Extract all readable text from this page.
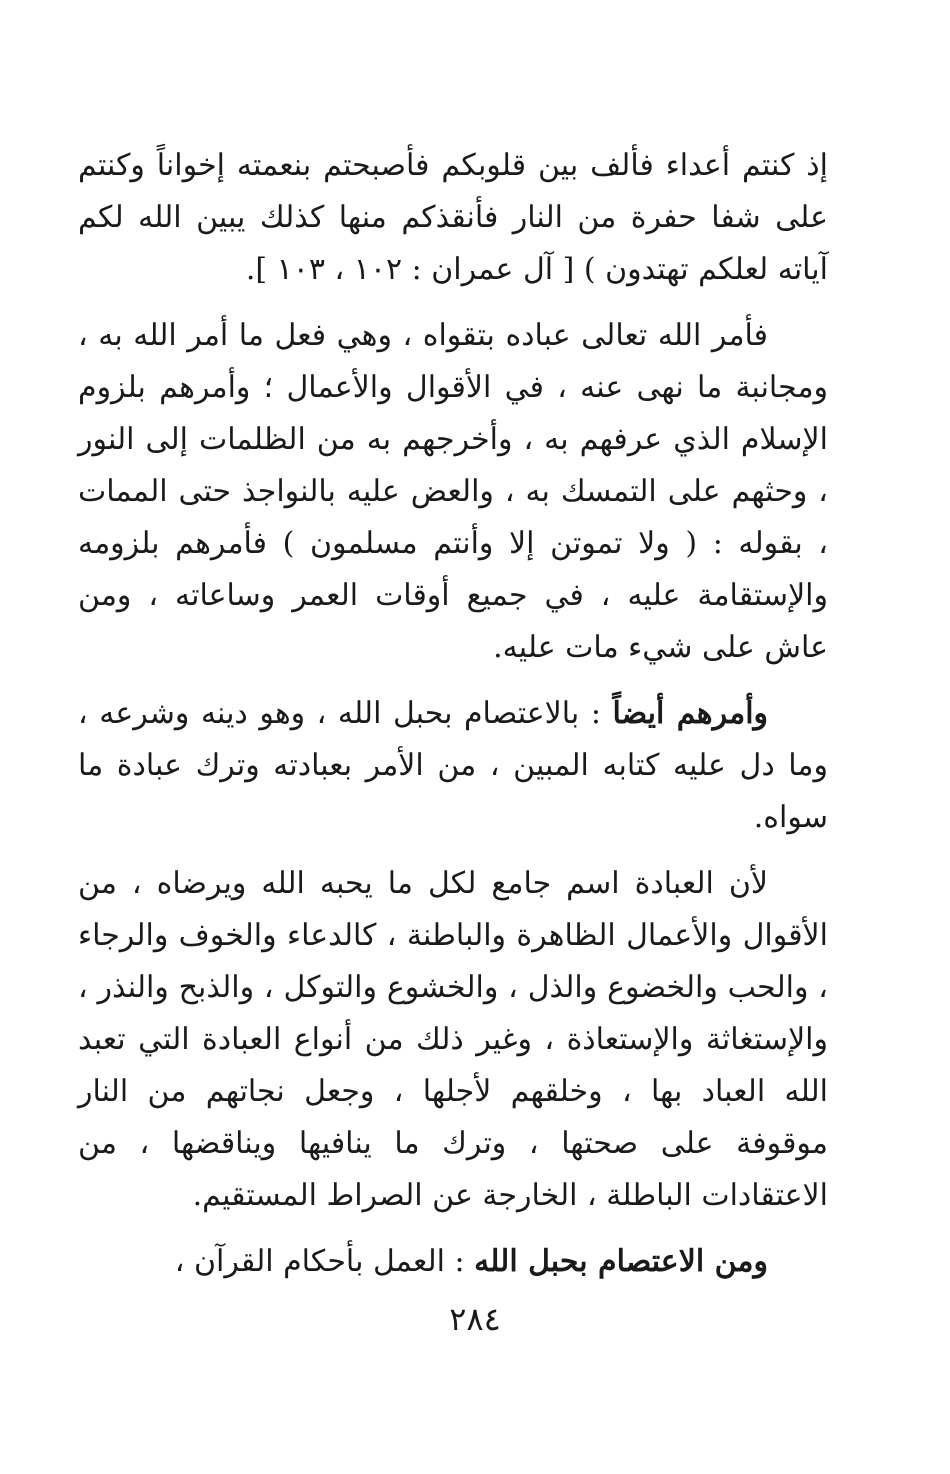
إذ كنتم أعداء فألف بين قلوبكم فأصبحتم بنعمته إخواناً وكنتم على شفا حفرة من النار فأنقذكم منها كذلك يبين الله لكم آياته لعلكم تهتدون ) [ آل عمران : ١٠٢ ، ١٠٣ ].

فأمر الله تعالى عباده بتقواه ، وهي فعل ما أمر الله به ، ومجانبة ما نهى عنه ، في الأقوال والأعمال ؛ وأمرهم بلزوم الإسلام الذي عرفهم به ، وأخرجهم به من الظلمات إلى النور ، وحثهم على التمسك به ، والعض عليه بالنواجذ حتى الممات ، بقوله : ( ولا تموتن إلا وأنتم مسلمون ) فأمرهم بلزومه والإستقامة عليه ، في جميع أوقات العمر وساعاته ، ومن عاش على شيء مات عليه.

وأمرهم أيضاً : بالاعتصام بحبل الله ، وهو دينه وشرعه ، وما دل عليه كتابه المبين ، من الأمر بعبادته وترك عبادة ما سواه.

لأن العبادة اسم جامع لكل ما يحبه الله ويرضاه ، من الأقوال والأعمال الظاهرة والباطنة ، كالدعاء والخوف والرجاء ، والحب والخضوع والذل ، والخشوع والتوكل ، والذبح والنذر ، والإستغاثة والإستعاذة ، وغير ذلك من أنواع العبادة التي تعبد الله العباد بها ، وخلقهم لأجلها ، وجعل نجاتهم من النار موقوفة على صحتها ، وترك ما ينافيها ويناقضها ، من الاعتقادات الباطلة ، الخارجة عن الصراط المستقيم.

ومن الاعتصام بحبل الله : العمل بأحكام القرآن ،

٢٨٤
